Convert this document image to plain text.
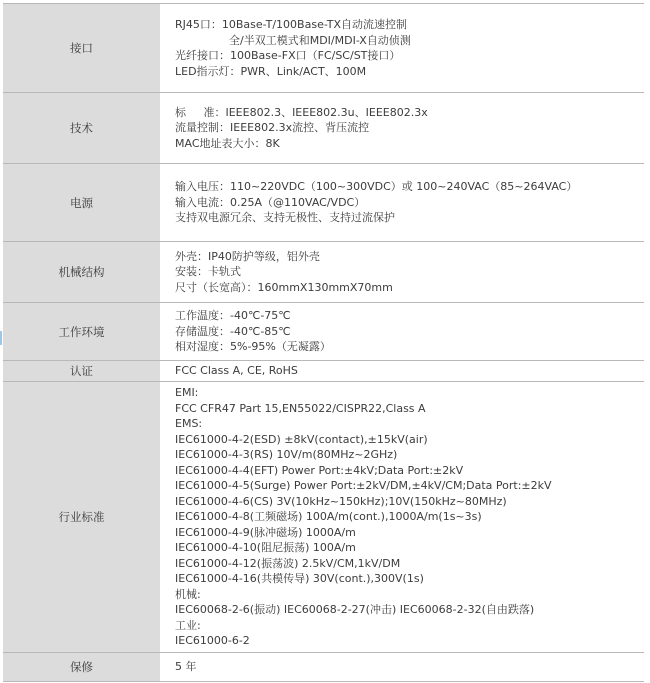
接口
RJ45口：10Base-T/100Base-TX自动流速控制
全/半双工模式和MDI/MDI-X自动侦测
光纤接口：100Base-FX口（FC/SC/ST接口）
LED指示灯：PWR、Link/ACT、100M
技术
标     准：IEEE802.3、IEEE802.3u、IEEE802.3x
流量控制：IEEE802.3x流控、背压流控
MAC地址表大小：8K
电源
输入电压：110~220VDC（100~300VDC）或 100~240VAC（85~264VAC）
输入电流：0.25A（@110VAC/VDC）
支持双电源冗余、支持无极性、支持过流保护
机械结构
外壳：IP40防护等级，铝外壳
安装：卡轨式
尺寸（长宽高）：160mmX130mmX70mm
工作环境
工作温度：-40℃-75℃
存储温度：-40℃-85℃
相对湿度：5%-95%（无凝露）
认证	FCC Class A, CE, RoHS
行业标准
EMI:
FCC CFR47 Part 15,EN55022/CISPR22,Class A
EMS:
IEC61000-4-2(ESD) ±8kV(contact),±15kV(air)
IEC61000-4-3(RS) 10V/m(80MHz~2GHz)
IEC61000-4-4(EFT) Power Port:±4kV;Data Port:±2kV
IEC61000-4-5(Surge) Power Port:±2kV/DM,±4kV/CM;Data Port:±2kV
IEC61000-4-6(CS) 3V(10kHz~150kHz);10V(150kHz~80MHz)
IEC61000-4-8(工频磁场) 100A/m(cont.),1000A/m(1s~3s)
IEC61000-4-9(脉冲磁场) 1000A/m
IEC61000-4-10(阻尼振荡) 100A/m
IEC61000-4-12(振荡波) 2.5kV/CM,1kV/DM
IEC61000-4-16(共模传导) 30V(cont.),300V(1s)
机械:
IEC60068-2-6(振动) IEC60068-2-27(冲击) IEC60068-2-32(自由跌落)
工业:
IEC61000-6-2
保修	5 年
